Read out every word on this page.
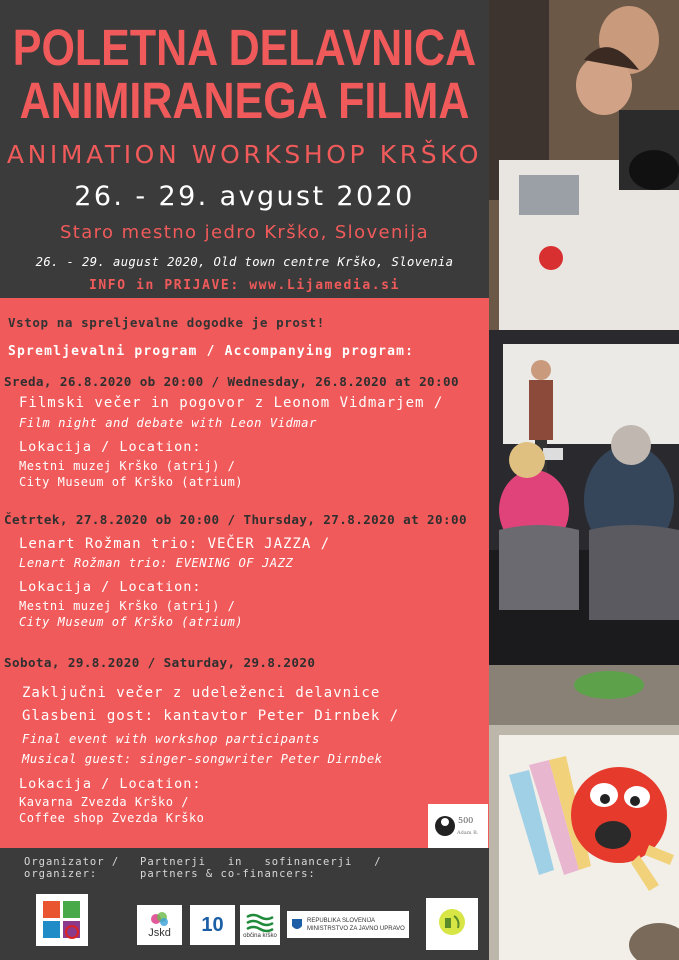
POLETNA DELAVNICA
ANIMIRANEGA FILMA
ANIMATION WORKSHOP KRŠKO
26. - 29. avgust 2020
Staro mestno jedro Krško, Slovenija
26. - 29. august 2020, Old town centre Krško, Slovenia
INFO in PRIJAVE: www.Lijamedia.si
Vstop na spreljevalne dogodke je prost!
Spremljevalni program / Accompanying program:
Sreda, 26.8.2020 ob 20:00 / Wednesday, 26.8.2020 at 20:00
Filmski večer in pogovor z Leonom Vidmarjem /
Film night and debate with Leon Vidmar
Lokacija / Location:
Mestni muzej Krško (atrij) /
City Museum of Krško (atrium)
Četrtek, 27.8.2020 ob 20:00 / Thursday, 27.8.2020 at 20:00
Lenart Rožman trio: VEČER JAZZA /
Lenart Rožman trio: EVENING OF JAZZ
Lokacija / Location:
Mestni muzej Krško (atrij) /
City Museum of Krško (atrium)
Sobota, 29.8.2020 / Saturday, 29.8.2020
Zaključni večer z udeleženci delavnice
Glasbeni gost: kantavtor Peter Dirnbek /
Final event with workshop participants
Musical guest: singer-songwriter Peter Dirnbek
Lokacija / Location:
Kavarna Zvezda Krško /
Coffee shop Zvezda Krško	500
Adam B.
Organizator /
organizer:
Partnerji   in   sofinancerji   /
partners & co-financers:
Jskd 10
občina krško
REPUBLIKA SLOVENIJA
MINISTRSTVO ZA JAVNO UPRAVO
